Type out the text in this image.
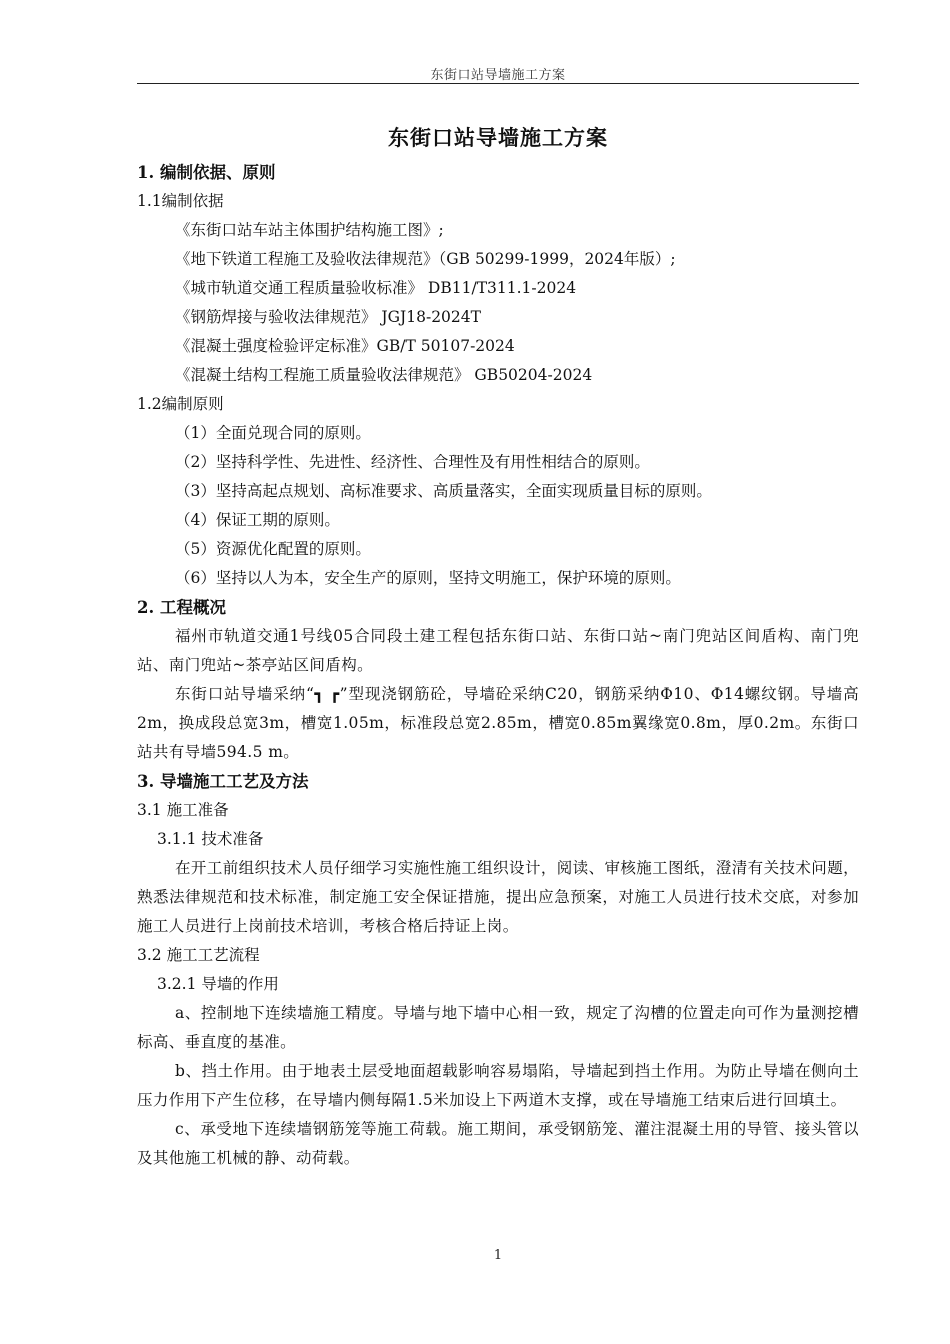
东街口站导墙施工方案
东街口站导墙施工方案
1. 编制依据、原则
1.1编制依据
《东街口站车站主体围护结构施工图》;
《地下铁道工程施工及验收法律规范》（GB 50299-1999，2024年版）;
《城市轨道交通工程质量验收标准》 DB11/T311.1-2024
《钢筋焊接与验收法律规范》 JGJ18-2024T
《混凝土强度检验评定标准》GB/T 50107-2024
《混凝土结构工程施工质量验收法律规范》 GB50204-2024
1.2编制原则
（1）全面兑现合同的原则。
（2）坚持科学性、先进性、经济性、合理性及有用性相结合的原则。
（3）坚持高起点规划、高标准要求、高质量落实，全面实现质量目标的原则。
（4）保证工期的原则。
（5）资源优化配置的原则。
（6）坚持以人为本，安全生产的原则，坚持文明施工，保护环境的原则。
2. 工程概况
福州市轨道交通1号线05合同段土建工程包括东街口站、东街口站~南门兜站区间盾构、南门兜站、南门兜站~茶亭站区间盾构。
东街口站导墙采纳“┓ ┏”型现浇钢筋砼，导墙砼采纳C20，钢筋采纳Φ10、Φ14螺纹钢。导墙高2m，换成段总宽3m，槽宽1.05m，标准段总宽2.85m，槽宽0.85m翼缘宽0.8m，厚0.2m。东街口站共有导墙594.5 m。
3. 导墙施工工艺及方法
3.1 施工准备
3.1.1 技术准备
在开工前组织技术人员仔细学习实施性施工组织设计，阅读、审核施工图纸，澄清有关技术问题，熟悉法律规范和技术标准，制定施工安全保证措施，提出应急预案，对施工人员进行技术交底，对参加施工人员进行上岗前技术培训，考核合格后持证上岗。
3.2 施工工艺流程
3.2.1 导墙的作用
a、控制地下连续墙施工精度。导墙与地下墙中心相一致，规定了沟槽的位置走向可作为量测挖槽标高、垂直度的基准。
b、挡土作用。由于地表土层受地面超载影响容易塌陷，导墙起到挡土作用。为防止导墙在侧向土压力作用下产生位移，在导墙内侧每隔1.5米加设上下两道木支撑，或在导墙施工结束后进行回填土。
c、承受地下连续墙钢筋笼等施工荷载。施工期间，承受钢筋笼、灌注混凝土用的导管、接头管以及其他施工机械的静、动荷载。
1
